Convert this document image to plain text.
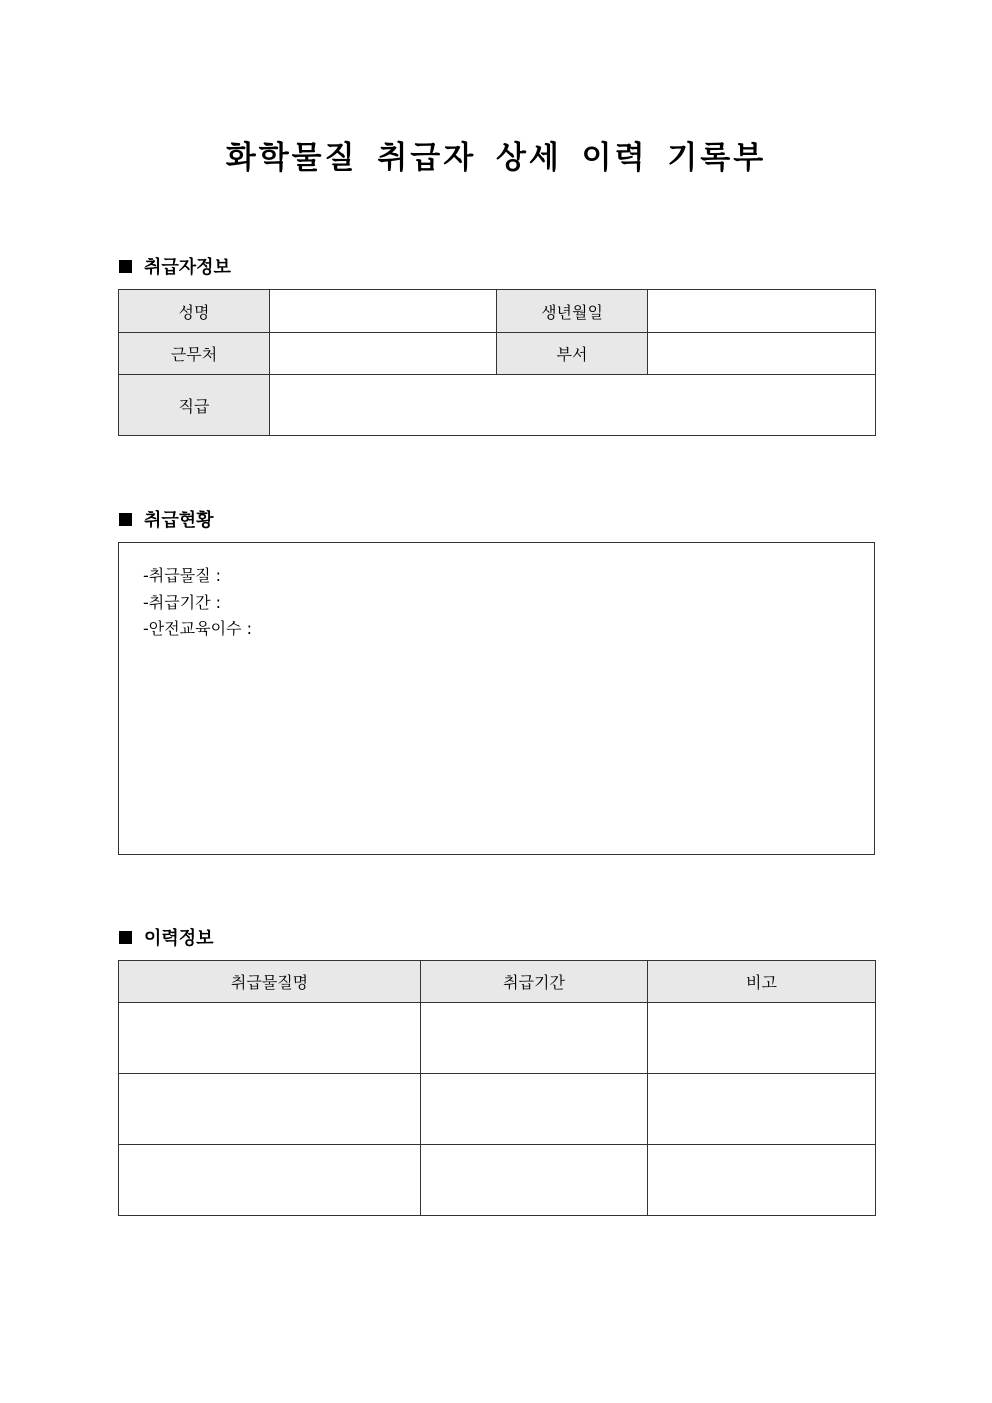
화학물질 취급자 상세 이력 기록부
취급자정보
성명		생년월일	
근무처		부서	
직급			
취급현황
-취급물질 :
-취급기간 :
-안전교육이수 :
이력정보
취급물질명	취급기간	비고
